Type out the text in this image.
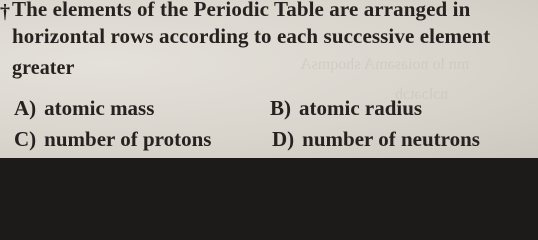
mn lo noiasəmA shoqmsA
nɔlɔətɔb
† The elements of the Periodic Table are arranged in
horizontal rows according to each successive element
greater
A) atomic mass	B) atomic radius
C) number of protons	D) number of neutrons
